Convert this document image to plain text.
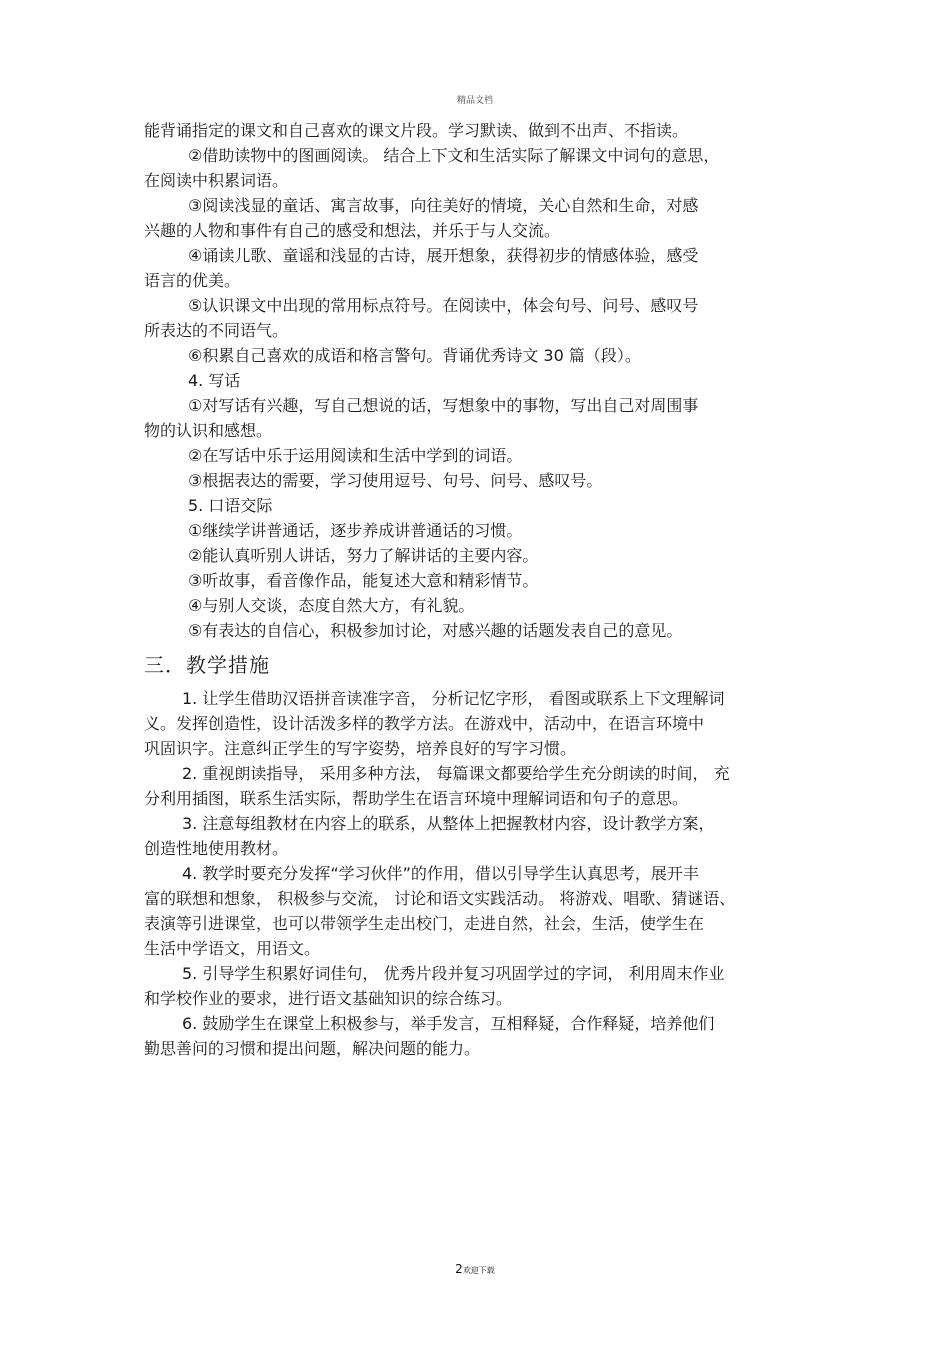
精品文档

能背诵指定的课文和自己喜欢的课文片段。学习默读、做到不出声、不指读。

②借助读物中的图画阅读。 结合上下文和生活实际了解课文中词句的意思，

在阅读中积累词语。

③阅读浅显的童话、寓言故事，向往美好的情境，关心自然和生命，对感

兴趣的人物和事件有自己的感受和想法，并乐于与人交流。

④诵读儿歌、童谣和浅显的古诗，展开想象，获得初步的情感体验，感受

语言的优美。

⑤认识课文中出现的常用标点符号。在阅读中，体会句号、问号、感叹号

所表达的不同语气。

⑥积累自己喜欢的成语和格言警句。背诵优秀诗文 30 篇（段）。

4. 写话

①对写话有兴趣，写自己想说的话，写想象中的事物，写出自己对周围事

物的认识和感想。

②在写话中乐于运用阅读和生活中学到的词语。

③根据表达的需要，学习使用逗号、句号、问号、感叹号。

5. 口语交际

①继续学讲普通话，逐步养成讲普通话的习惯。

②能认真听别人讲话，努力了解讲话的主要内容。

③听故事，看音像作品，能复述大意和精彩情节。

④与别人交谈，态度自然大方，有礼貌。

⑤有表达的自信心，积极参加讨论，对感兴趣的话题发表自己的意见。

三．教学措施

1. 让学生借助汉语拼音读准字音， 分析记忆字形， 看图或联系上下文理解词

义。发挥创造性，设计活泼多样的教学方法。在游戏中，活动中，在语言环境中

巩固识字。注意纠正学生的写字姿势，培养良好的写字习惯。

2. 重视朗读指导， 采用多种方法， 每篇课文都要给学生充分朗读的时间， 充

分利用插图，联系生活实际，帮助学生在语言环境中理解词语和句子的意思。

3. 注意每组教材在内容上的联系，从整体上把握教材内容，设计教学方案，

创造性地使用教材。

4. 教学时要充分发挥“学习伙伴”的作用，借以引导学生认真思考，展开丰

富的联想和想象， 积极参与交流， 讨论和语文实践活动。 将游戏、唱歌、猜谜语、

表演等引进课堂，也可以带领学生走出校门，走进自然，社会，生活，使学生在

生活中学语文，用语文。

5. 引导学生积累好词佳句， 优秀片段并复习巩固学过的字词， 利用周末作业

和学校作业的要求，进行语文基础知识的综合练习。

6. 鼓励学生在课堂上积极参与，举手发言，互相释疑，合作释疑，培养他们

勤思善问的习惯和提出问题，解决问题的能力。

2欢迎下载
